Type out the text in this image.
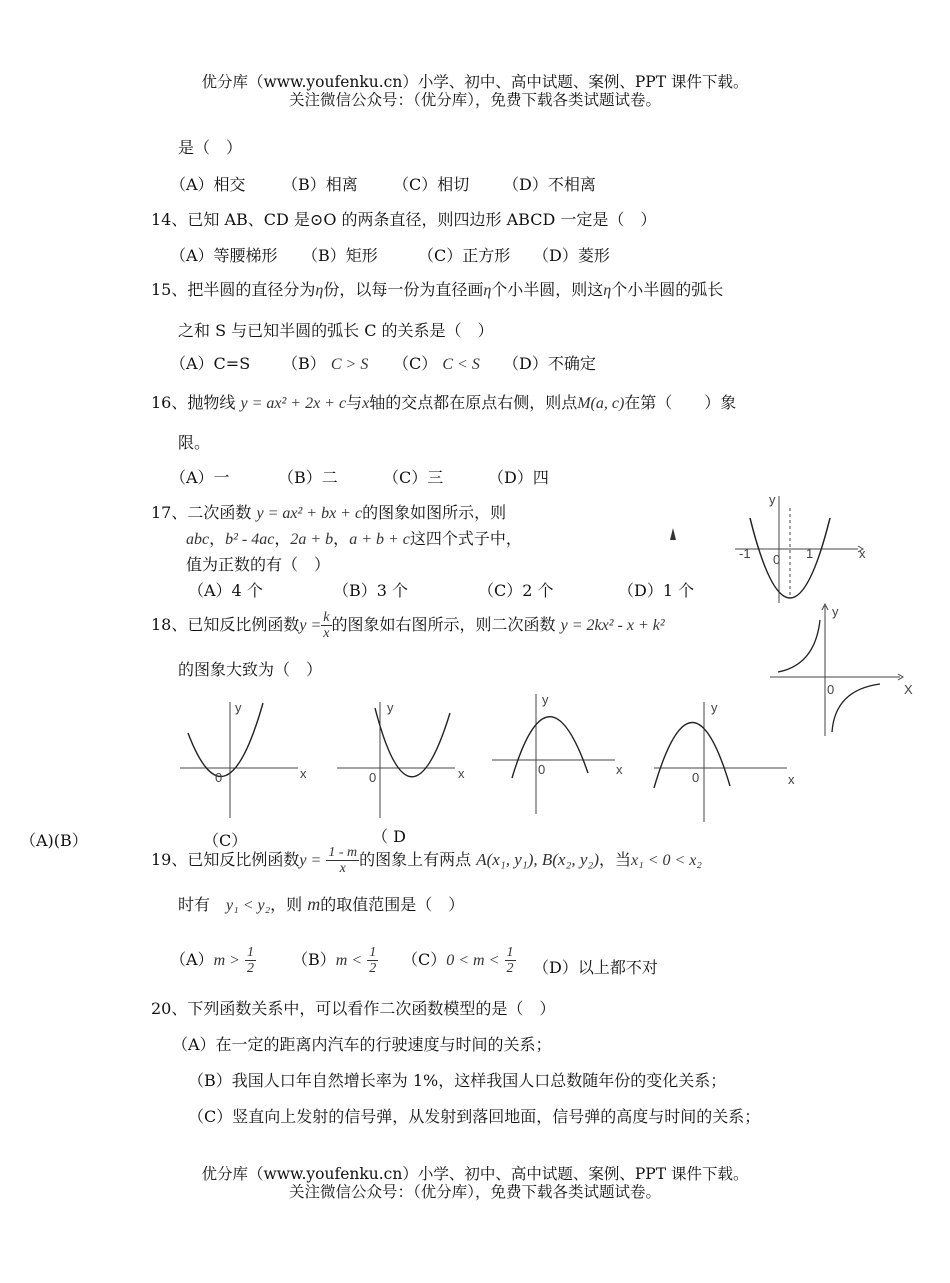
优分库（www.youfenku.cn）小学、初中、高中试题、案例、PPT 课件下载。
关注微信公众号：（优分库），免费下载各类试题试卷。
是（　）
（A）相交 （B）相离 （C）相切 （D）不相离
14、已知 AB、CD 是⊙O 的两条直径，则四边形 ABCD 一定是（　）
（A）等腰梯形 （B）矩形	（C）正方形 （D）菱形
15、把半圆的直径分为η份，以每一份为直径画η个小半圆，则这η个小半圆的弧长
之和 S 与已知半圆的弧长 C 的关系是（　）
（A）C=S （B） C > S （C） C < S （D）不确定
16、抛物线 y = ax² + 2x + c与x轴的交点都在原点右侧，则点M(a, c)在第（　　）象
限。
（A）一	（B）二	（C）三	（D）四
17、二次函数 y = ax² + bx + c的图象如图所示，则
abc，b² - 4ac，2a + b，a + b + c这四个式子中，
值为正数的有（　）
（A）4 个	（B）3 个	（C）2 个	（D）1 个
y
x
0
-1	1
18、已知反比例函数$y = \frac{k}{x}$ 的图象如右图所示，则二次函数 y = 2kx² - x + k²
的图象大致为（　）
y
X
0
y
x
0
y
x
0
y
x
0
y
x
0
（A)(B）	（C）	（ D
19、已知反比例函数$y = \frac{1 - m}{x}$ 的图象上有两点 A(x₁, y₁), B(x₂, y₂)，当x₁ < 0 < x₂
时有　 y₁ < y₂，则 m的取值范围是（　）
$(A)m > \frac{1}{2} (B)m < \frac{1}{2} (C)0 < m < \frac{1}{2} (D)$以上都不对
20、下列函数关系中，可以看作二次函数模型的是（　）
（A）在一定的距离内汽车的行驶速度与时间的关系；
（B）我国人口年自然增长率为 1%，这样我国人口总数随年份的变化关系；
（C）竖直向上发射的信号弹，从发射到落回地面，信号弹的高度与时间的关系；
优分库（www.youfenku.cn）小学、初中、高中试题、案例、PPT 课件下载。
关注微信公众号：（优分库），免费下载各类试题试卷。
